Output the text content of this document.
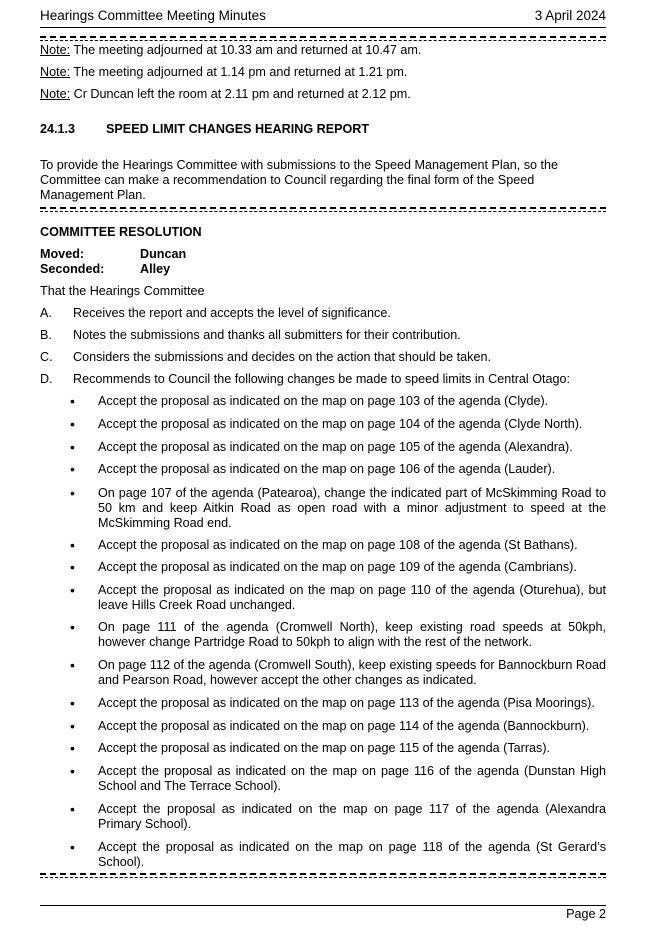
Hearings Committee Meeting Minutes	3 April 2024
Note: The meeting adjourned at 10.33 am and returned at 10.47 am.
Note: The meeting adjourned at 1.14 pm and returned at 1.21 pm.
Note: Cr Duncan left the room at 2.11 pm and returned at 2.12 pm.
24.1.3	SPEED LIMIT CHANGES HEARING REPORT
To provide the Hearings Committee with submissions to the Speed Management Plan, so the Committee can make a recommendation to Council regarding the final form of the Speed Management Plan.
COMMITTEE RESOLUTION
Moved:	Duncan
Seconded:	Alley
That the Hearings Committee
A.	Receives the report and accepts the level of significance.
B.	Notes the submissions and thanks all submitters for their contribution.
C.	Considers the submissions and decides on the action that should be taken.
D.	Recommends to Council the following changes be made to speed limits in Central Otago:
•	Accept the proposal as indicated on the map on page 103 of the agenda (Clyde).
•	Accept the proposal as indicated on the map on page 104 of the agenda (Clyde North).
•	Accept the proposal as indicated on the map on page 105 of the agenda (Alexandra).
•	Accept the proposal as indicated on the map on page 106 of the agenda (Lauder).
•	On page 107 of the agenda (Patearoa), change the indicated part of McSkimming Road to 50 km and keep Aitkin Road as open road with a minor adjustment to speed at the McSkimming Road end.
•	Accept the proposal as indicated on the map on page 108 of the agenda (St Bathans).
•	Accept the proposal as indicated on the map on page 109 of the agenda (Cambrians).
•	Accept the proposal as indicated on the map on page 110 of the agenda (Oturehua), but leave Hills Creek Road unchanged.
•	On page 111 of the agenda (Cromwell North), keep existing road speeds at 50kph, however change Partridge Road to 50kph to align with the rest of the network.
•	On page 112 of the agenda (Cromwell South), keep existing speeds for Bannockburn Road and Pearson Road, however accept the other changes as indicated.
•	Accept the proposal as indicated on the map on page 113 of the agenda (Pisa Moorings).
•	Accept the proposal as indicated on the map on page 114 of the agenda (Bannockburn).
•	Accept the proposal as indicated on the map on page 115 of the agenda (Tarras).
•	Accept the proposal as indicated on the map on page 116 of the agenda (Dunstan High School and The Terrace School).
•	Accept the proposal as indicated on the map on page 117 of the agenda (Alexandra Primary School).
•	Accept the proposal as indicated on the map on page 118 of the agenda (St Gerard’s School).
Page 2
